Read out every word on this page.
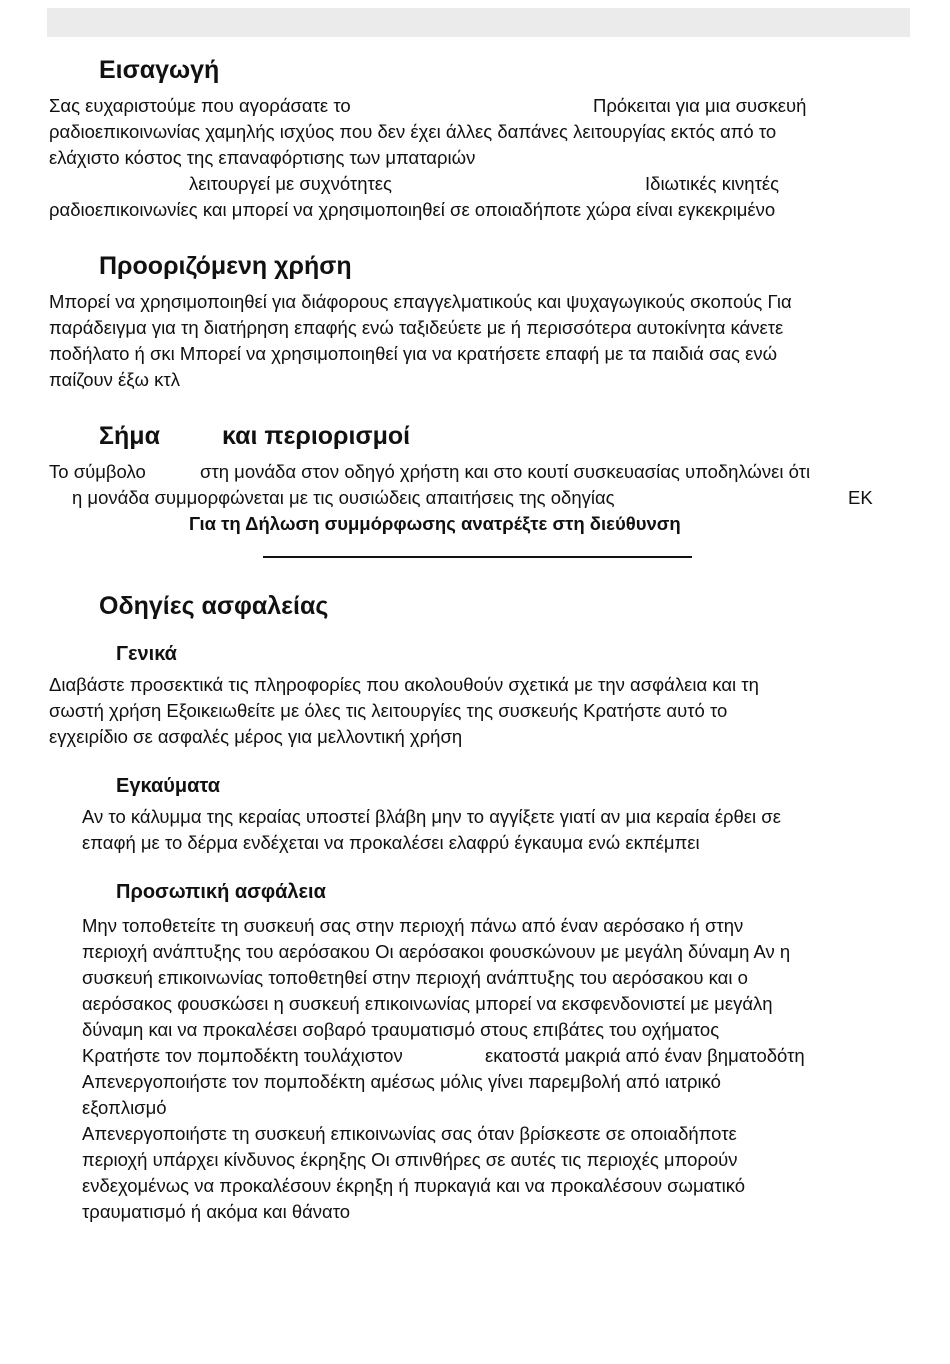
Εισαγωγή
Σας ευχαριστούμε που αγοράσατε το	Πρόκειται για μια συσκευή
ραδιοεπικοινωνίας χαμηλής ισχύος που δεν έχει άλλες δαπάνες λειτουργίας εκτός από το
ελάχιστο κόστος της επαναφόρτισης των μπαταριών
λειτουργεί με συχνότητες	Ιδιωτικές κινητές
ραδιοεπικοινωνίες και μπορεί να χρησιμοποιηθεί σε οποιαδήποτε χώρα είναι εγκεκριμένο
Προοριζόμενη χρήση
Μπορεί να χρησιμοποιηθεί για διάφορους επαγγελματικούς και ψυχαγωγικούς σκοπούς Για
παράδειγμα για τη διατήρηση επαφής ενώ ταξιδεύετε με ή περισσότερα αυτοκίνητα κάνετε
ποδήλατο ή σκι Μπορεί να χρησιμοποιηθεί για να κρατήσετε επαφή με τα παιδιά σας ενώ
παίζουν έξω κτλ
Σήμα και περιορισμοί
Το σύμβολο	στη μονάδα στον οδηγό χρήστη και στο κουτί συσκευασίας υποδηλώνει ότι
η μονάδα συμμορφώνεται με τις ουσιώδεις απαιτήσεις της οδηγίας	ΕΚ
Για τη Δήλωση συμμόρφωσης ανατρέξτε στη διεύθυνση
Οδηγίες ασφαλείας
Γενικά
Διαβάστε προσεκτικά τις πληροφορίες που ακολουθούν σχετικά με την ασφάλεια και τη
σωστή χρήση Εξοικειωθείτε με όλες τις λειτουργίες της συσκευής Κρατήστε αυτό το
εγχειρίδιο σε ασφαλές μέρος για μελλοντική χρήση
Εγκαύματα
Αν το κάλυμμα της κεραίας υποστεί βλάβη μην το αγγίξετε γιατί αν μια κεραία έρθει σε
επαφή με το δέρμα ενδέχεται να προκαλέσει ελαφρύ έγκαυμα ενώ εκπέμπει
Προσωπική ασφάλεια
Μην τοποθετείτε τη συσκευή σας στην περιοχή πάνω από έναν αερόσακο ή στην
περιοχή ανάπτυξης του αερόσακου Οι αερόσακοι φουσκώνουν με μεγάλη δύναμη Αν η
συσκευή επικοινωνίας τοποθετηθεί στην περιοχή ανάπτυξης του αερόσακου και ο
αερόσακος φουσκώσει η συσκευή επικοινωνίας μπορεί να εκσφενδονιστεί με μεγάλη
δύναμη και να προκαλέσει σοβαρό τραυματισμό στους επιβάτες του οχήματος
Κρατήστε τον πομποδέκτη τουλάχιστον	εκατοστά μακριά από έναν βηματοδότη
Απενεργοποιήστε τον πομποδέκτη αμέσως μόλις γίνει παρεμβολή από ιατρικό
εξοπλισμό
Απενεργοποιήστε τη συσκευή επικοινωνίας σας όταν βρίσκεστε σε οποιαδήποτε
περιοχή υπάρχει κίνδυνος έκρηξης Οι σπινθήρες σε αυτές τις περιοχές μπορούν
ενδεχομένως να προκαλέσουν έκρηξη ή πυρκαγιά και να προκαλέσουν σωματικό
τραυματισμό ή ακόμα και θάνατο
